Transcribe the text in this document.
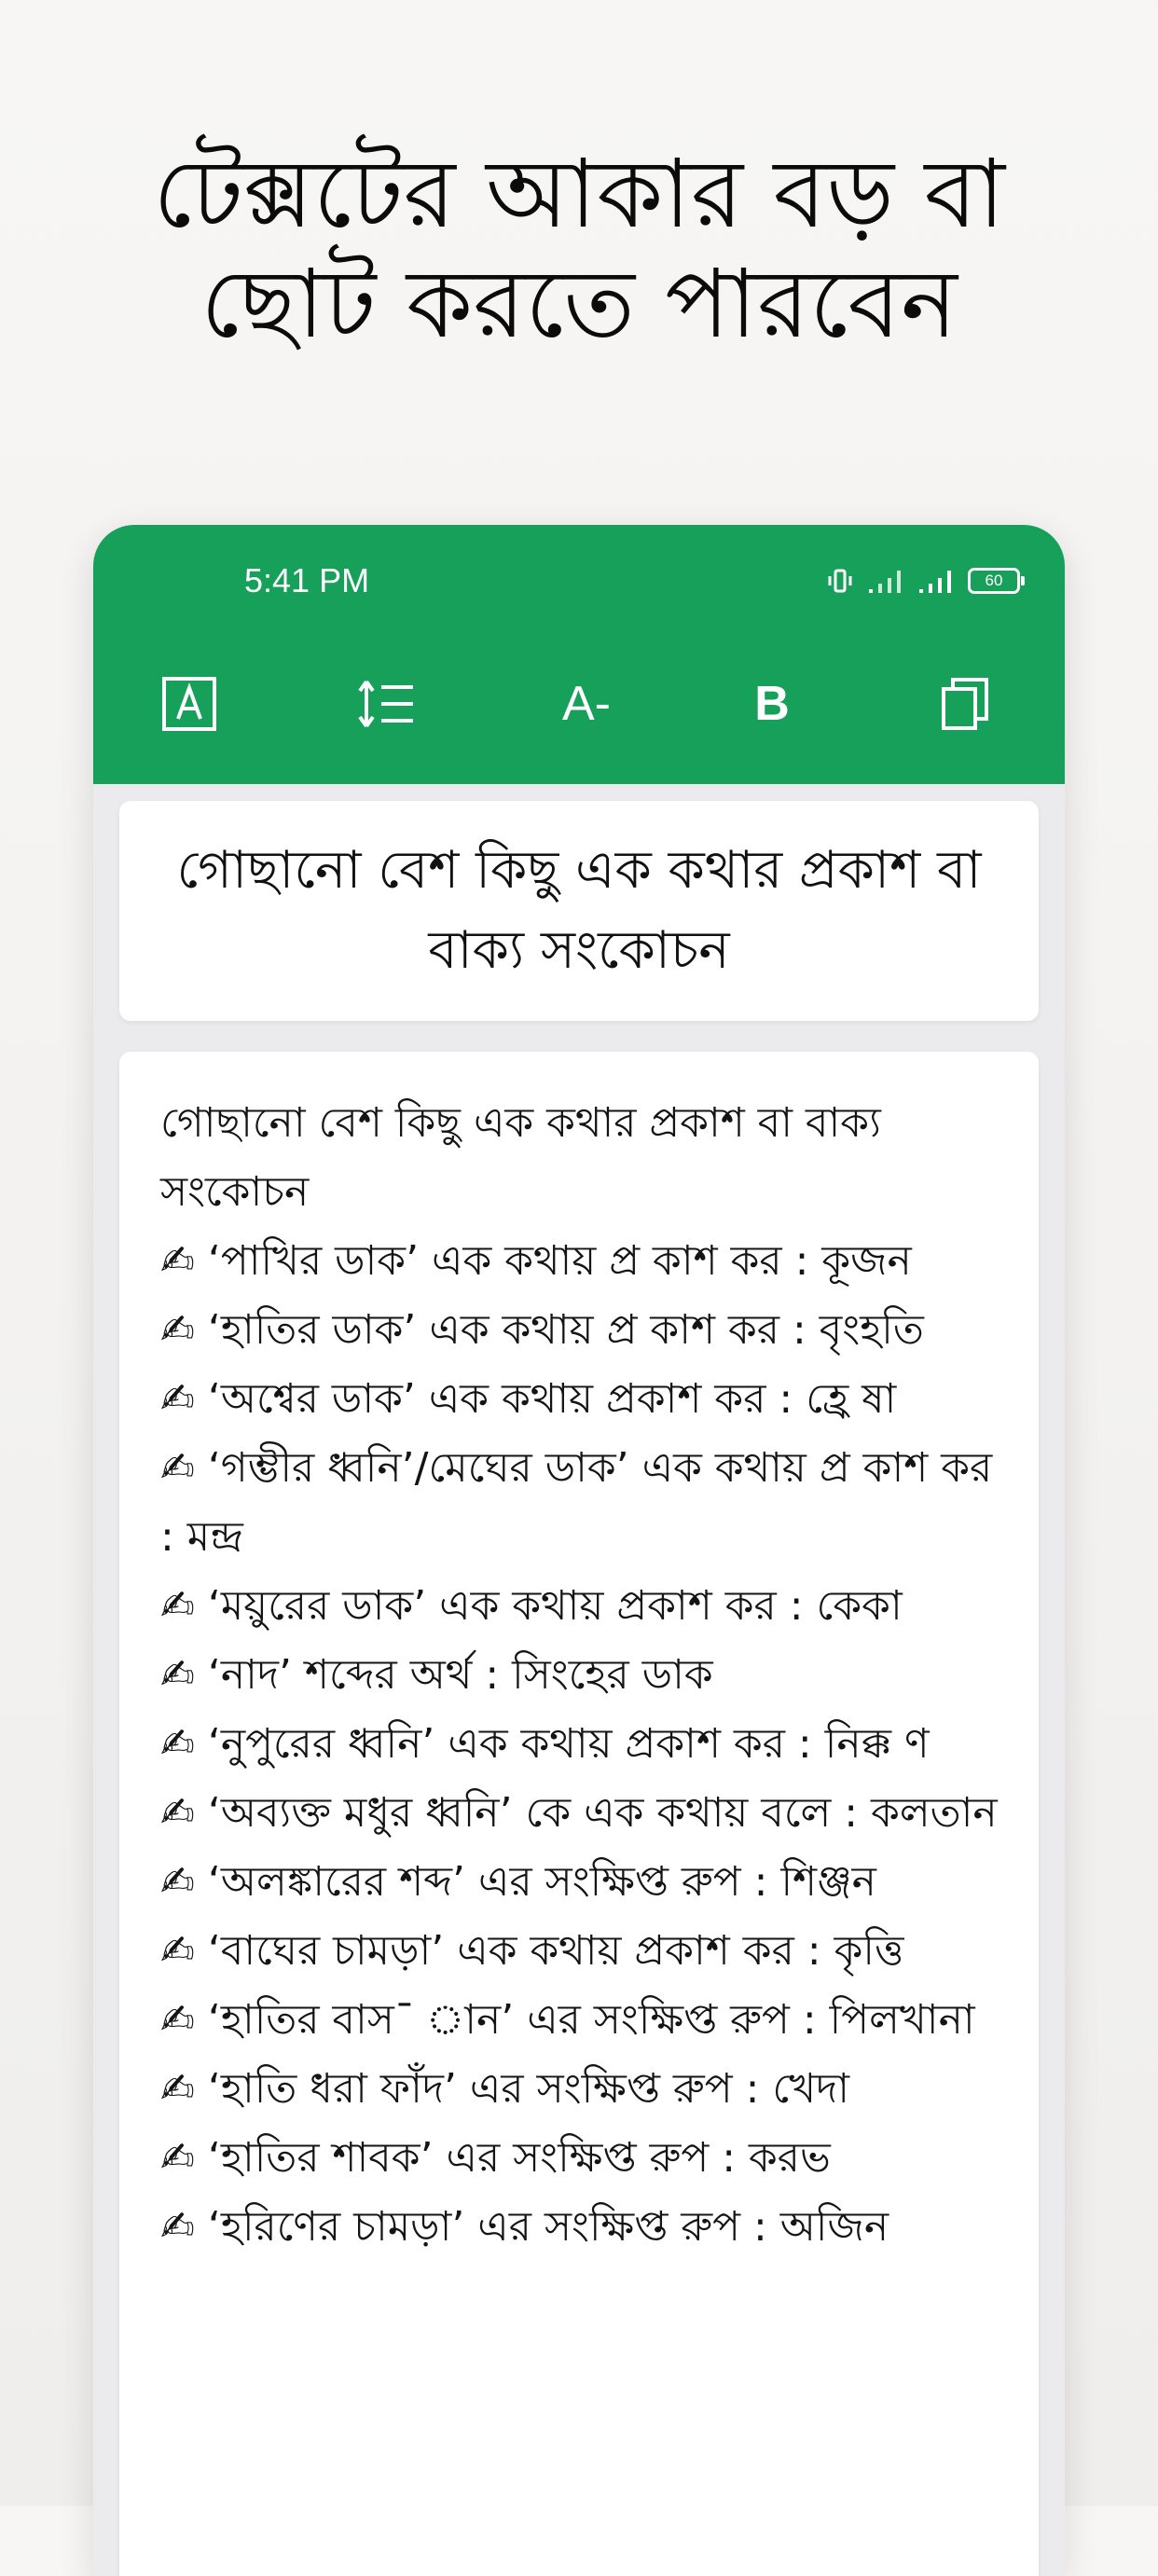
টেক্সটের আকার বড় বা
ছোট করতে পারবেন
5:41 PM	60
A-	B
গোছানো বেশ কিছু এক কথার প্রকাশ বা বাক্য সংকোচন

গোছানো বেশ কিছু এক কথার প্রকাশ বা বাক্য সংকোচন

✍ ‘পাখির ডাক’ এক কথায় প্র কাশ কর : কূজন

✍ ‘হাতির ডাক’ এক কথায় প্র কাশ কর : বৃংহতি

✍ ‘অশ্বের ডাক’ এক কথায় প্রকাশ কর : হ্রে ষা

✍ ‘গম্ভীর ধ্বনি’/মেঘের ডাক’ এক কথায় প্র কাশ কর : মন্দ্র

✍ ‘ময়ুরের ডাক’ এক কথায় প্রকাশ কর : কেকা

✍ ‘নাদ’ শব্দের অর্থ : সিংহের ডাক

✍ ‘নুপুরের ধ্বনি’ এক কথায় প্রকাশ কর : নিক্ক ণ

✍ ‘অব্যক্ত মধুর ধ্বনি’ কে এক কথায় বলে : কলতান

✍ ‘অলঙ্কারের শব্দ’ এর সংক্ষিপ্ত রুপ : শিঞ্জন

✍ ‘বাঘের চামড়া’ এক কথায় প্রকাশ কর : কৃত্তি

✍ ‘হাতির বাস¯ ান’ এর সংক্ষিপ্ত রুপ : পিলখানা

✍ ‘হাতি ধরা ফাঁদ’ এর সংক্ষিপ্ত রুপ : খেদা

✍ ‘হাতির শাবক’ এর সংক্ষিপ্ত রুপ : করভ

✍ ‘হরিণের চামড়া’ এর সংক্ষিপ্ত রুপ : অজিন
